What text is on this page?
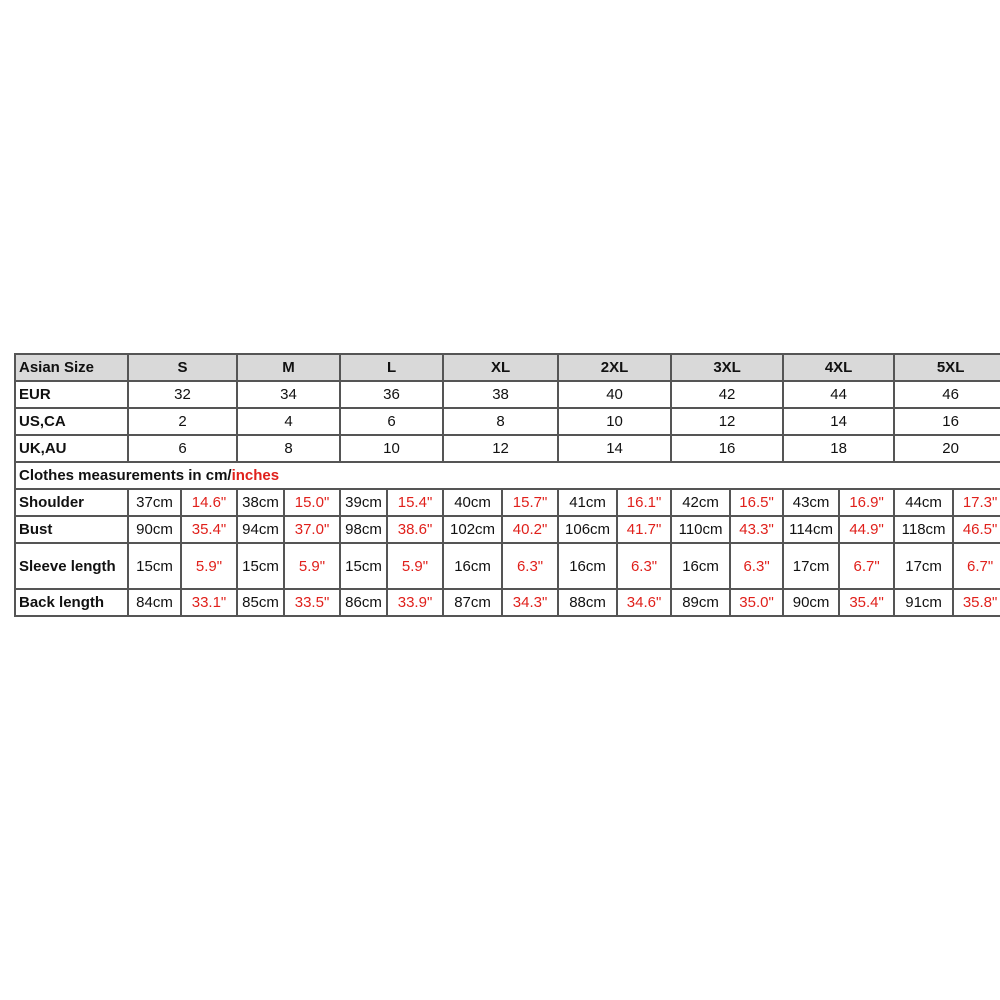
Asian Size	S		M		L		XL		2XL		3XL		4XL		5XL	
EUR	32		34		36		38		40		42		44		46	
US,CA	2		4		6		8		10		12		14		16	
UK,AU	6		8		10		12		14		16		18		20	
Clothes measurements in cm/inches																
Shoulder	37cm	14.6"	38cm	15.0"	39cm	15.4"	40cm	15.7"	41cm	16.1"	42cm	16.5"	43cm	16.9"	44cm	17.3"
Bust	90cm	35.4"	94cm	37.0"	98cm	38.6"	102cm	40.2"	106cm	41.7"	110cm	43.3"	114cm	44.9"	118cm	46.5"
Sleeve length	15cm	5.9"	15cm	5.9"	15cm	5.9"	16cm	6.3"	16cm	6.3"	16cm	6.3"	17cm	6.7"	17cm	6.7"
Back length	84cm	33.1"	85cm	33.5"	86cm	33.9"	87cm	34.3"	88cm	34.6"	89cm	35.0"	90cm	35.4"	91cm	35.8"
